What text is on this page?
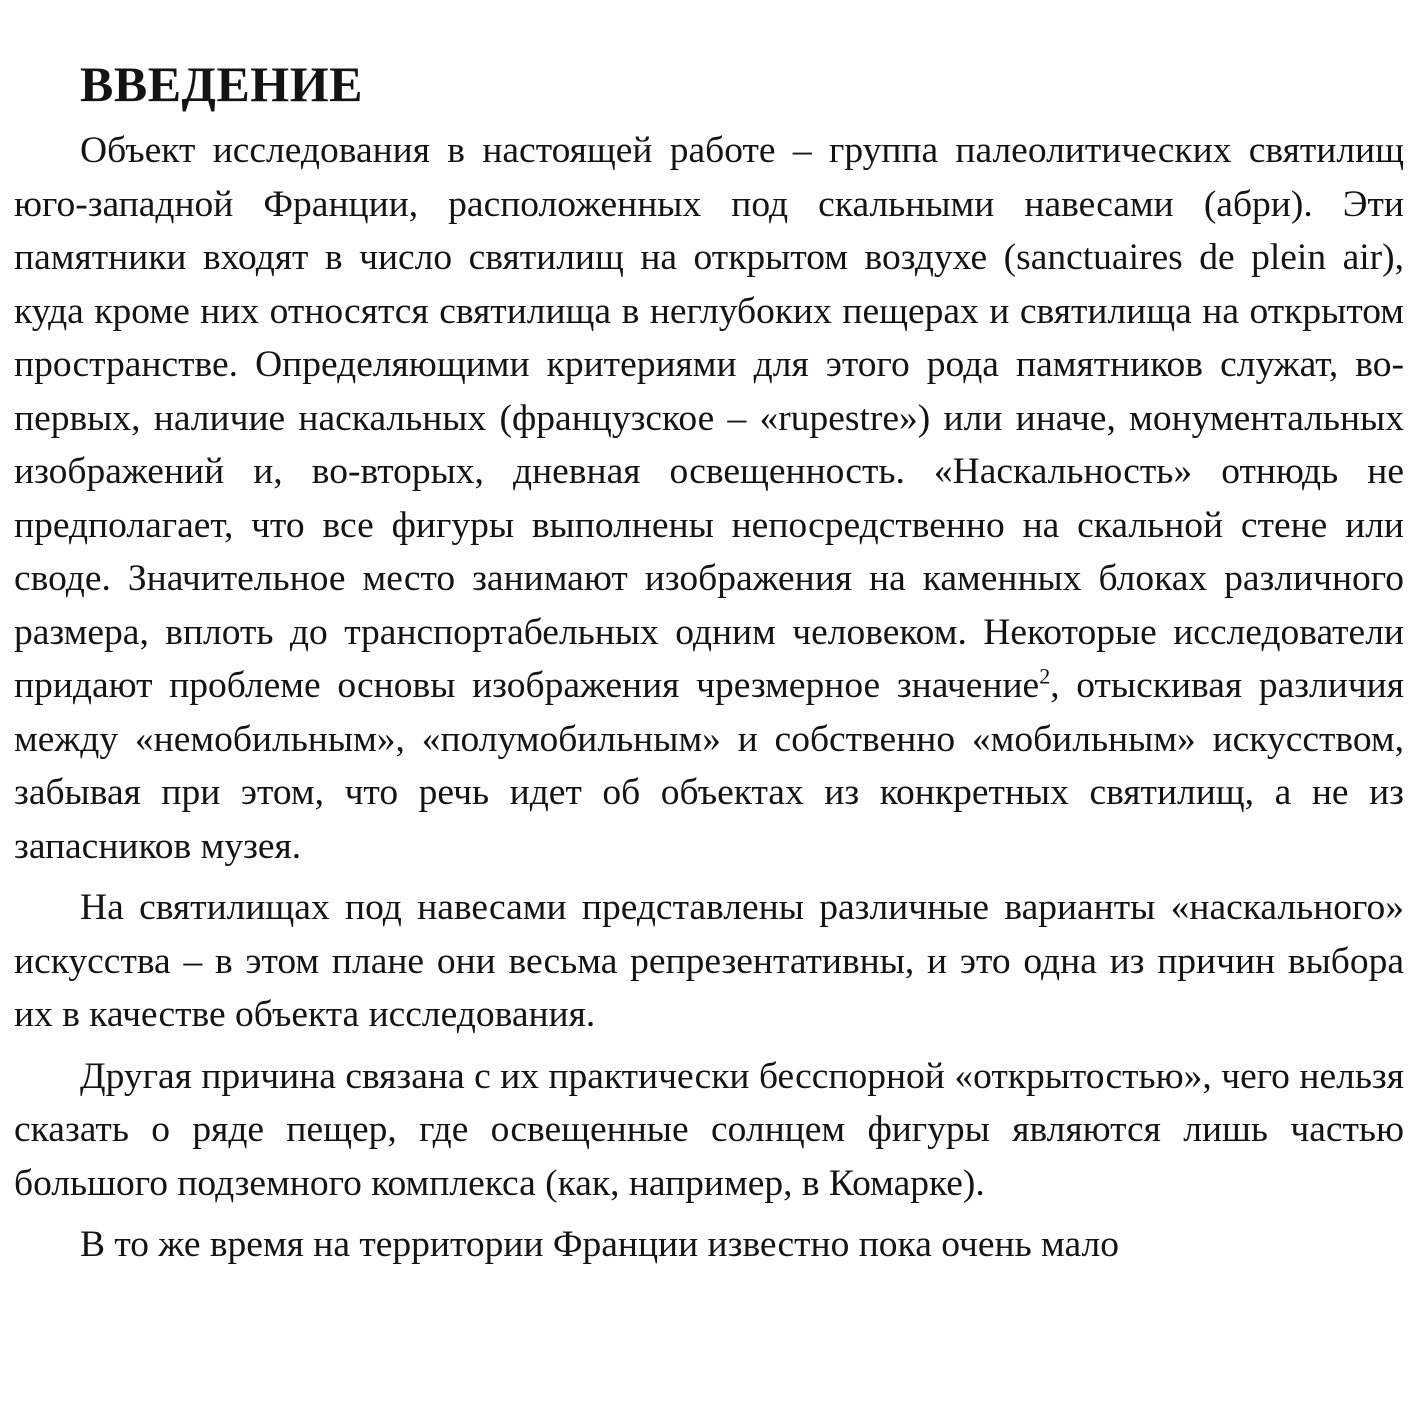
ВВЕДЕНИЕ

Объект исследования в настоящей работе – группа палеолитических святилищ юго-западной Франции, расположенных под скальными навесами (абри). Эти памятники входят в число святилищ на открытом воздухе (sanctuaires de plein air), куда кроме них относятся святилища в неглубоких пещерах и святилища на открытом пространстве. Определяющими критериями для этого рода памятников служат, во-первых, наличие наскальных (французское – «rupestre») или иначе, монументальных изображений и, во-вторых, дневная освещенность. «Наскальность» отнюдь не предполагает, что все фигуры выполнены непосредственно на скальной стене или своде. Значительное место занимают изображения на каменных блоках различного размера, вплоть до транспортабельных одним человеком. Некоторые исследователи придают проблеме основы изображения чрезмерное значение$^2$, отыскивая различия между «немобильным», «полумобильным» и собственно «мобильным» искусством, забывая при этом, что речь идет об объектах из конкретных святилищ, а не из запасников музея.

На святилищах под навесами представлены различные варианты «наскального» искусства – в этом плане они весьма репрезентативны, и это одна из причин выбора их в качестве объекта исследования.

Другая причина связана с их практически бесспорной «открытостью», чего нельзя сказать о ряде пещер, где освещенные солнцем фигуры являются лишь частью большого подземного комплекса (как, например, в Комарке).

В то же время на территории Франции известно пока очень мало
